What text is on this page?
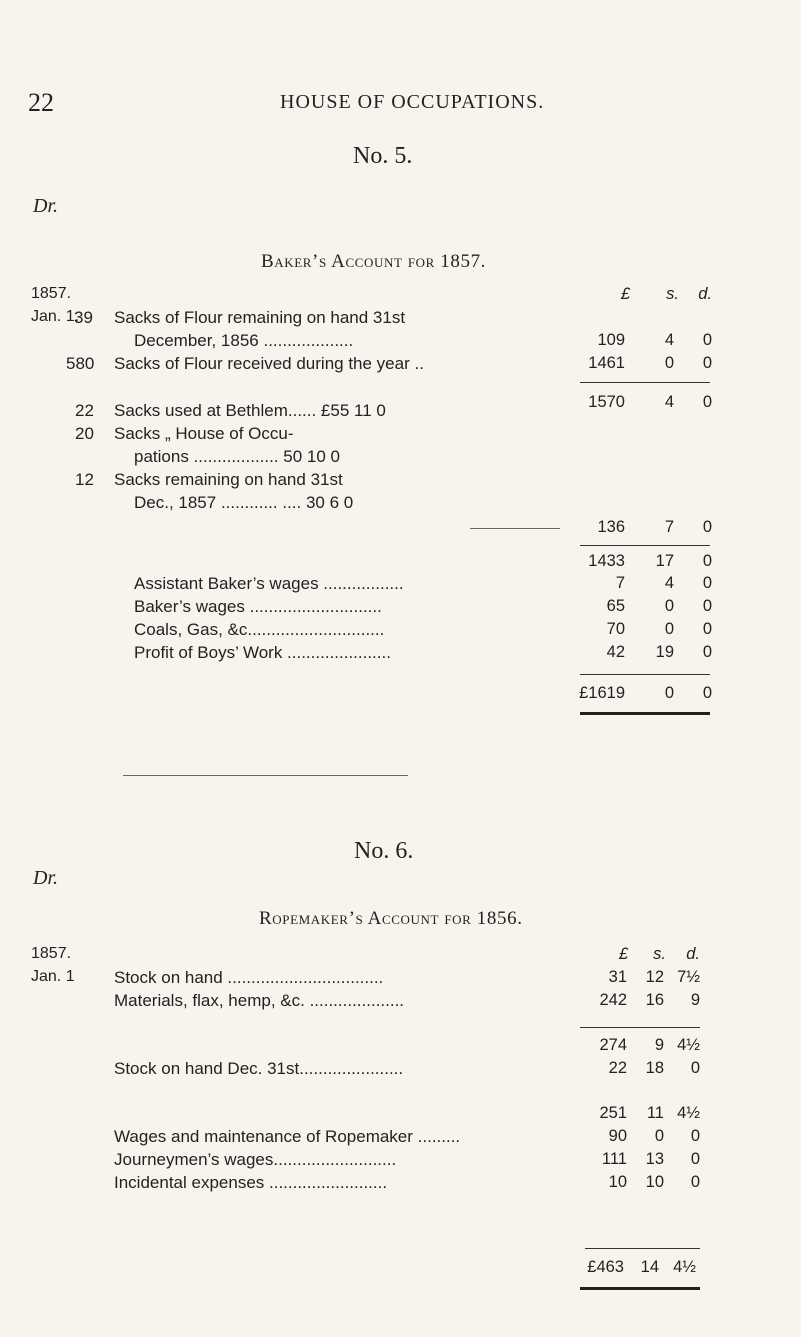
22	HOUSE OF OCCUPATIONS.
No. 5.
Dr.
Baker’s Account for 1857.
1857.
Jan. 1.
£	s.	d.
39 Sacks of Flour remaining on hand 31st
December, 1856 ...................	109	4	0
580 Sacks of Flour received during the year ..	1461	0	0
1570	4	0
22 Sacks used at Bethlem...... £55 11 0
20 Sacks „ House of Occu-
pations .................. 50 10 0
12 Sacks remaining on hand 31st
Dec., 1857 ............ .... 30 6 0
136	7	0
1433	17	0
Assistant Baker’s wages .................	7	4	0
Baker’s wages ............................	65	0	0
Coals, Gas, &c.............................	70	0	0
Profit of Boys’ Work ......................	42	19	0
£1619	0	0
No. 6.
Dr.
Ropemaker’s Account for 1856.
1857.
Jan. 1
£	s.	d.
Stock on hand .................................	31	12 7½
Materials, flax, hemp, &c. ....................	242	16	9
274	9 4½
Stock on hand Dec. 31st......................	22	18	0
251	11 4½
Wages and maintenance of Ropemaker .........	90	0	0
Journeymen’s wages..........................	111	13	0
Incidental expenses .........................	10	10	0
£463	14 4½
